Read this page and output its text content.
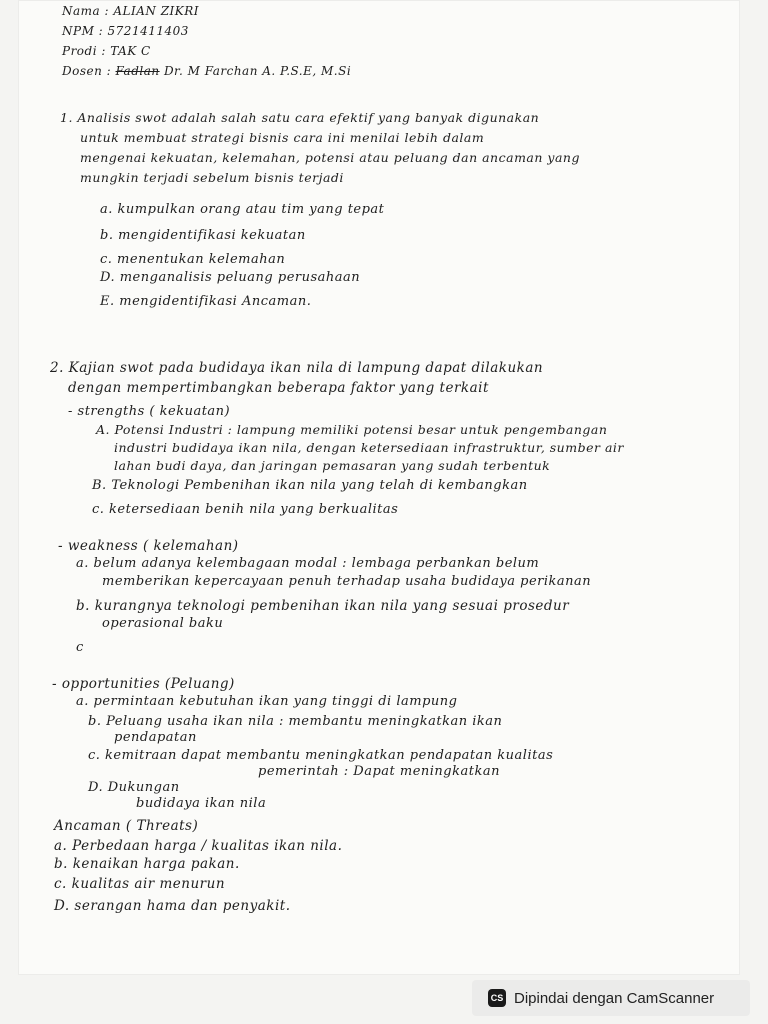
Nama : ALIAN ZIKRI
NPM : 5721411403
Prodi : TAK C
Dosen : Fadlan Dr. M Farchan A. P.S.E, M.Si
1. Analisis swot adalah salah satu cara efektif yang banyak digunakan
untuk membuat strategi bisnis cara ini menilai lebih dalam
mengenai kekuatan, kelemahan, potensi atau peluang dan ancaman yang
mungkin terjadi sebelum bisnis terjadi
a. kumpulkan orang atau tim yang tepat
b. mengidentifikasi kekuatan
c. menentukan kelemahan
D. menganalisis peluang perusahaan
E. mengidentifikasi Ancaman.
2. Kajian swot pada budidaya ikan nila di lampung dapat dilakukan
dengan mempertimbangkan beberapa faktor yang terkait
- strengths ( kekuatan)
A. Potensi Industri : lampung memiliki potensi besar untuk pengembangan
industri budidaya ikan nila, dengan ketersediaan infrastruktur, sumber air
lahan budi daya, dan jaringan pemasaran yang sudah terbentuk
B. Teknologi Pembenihan ikan nila yang telah di kembangkan
c. ketersediaan benih nila yang berkualitas
- weakness ( kelemahan)
a. belum adanya kelembagaan modal : lembaga perbankan belum
memberikan kepercayaan penuh terhadap usaha budidaya perikanan
b. kurangnya teknologi pembenihan ikan nila yang sesuai prosedur
operasional baku
c
- opportunities (Peluang)
a. permintaan kebutuhan ikan yang tinggi di lampung
b. Peluang usaha ikan nila : membantu meningkatkan ikan
pendapatan
c. kemitraan dapat membantu meningkatkan pendapatan kualitas
pemerintah : Dapat meningkatkan
D. Dukungan
budidaya ikan nila
Ancaman ( Threats)
a. Perbedaan harga / kualitas ikan nila.
b. kenaikan harga pakan.
c. kualitas air menurun
D. serangan hama dan penyakit.
CS Dipindai dengan CamScanner
